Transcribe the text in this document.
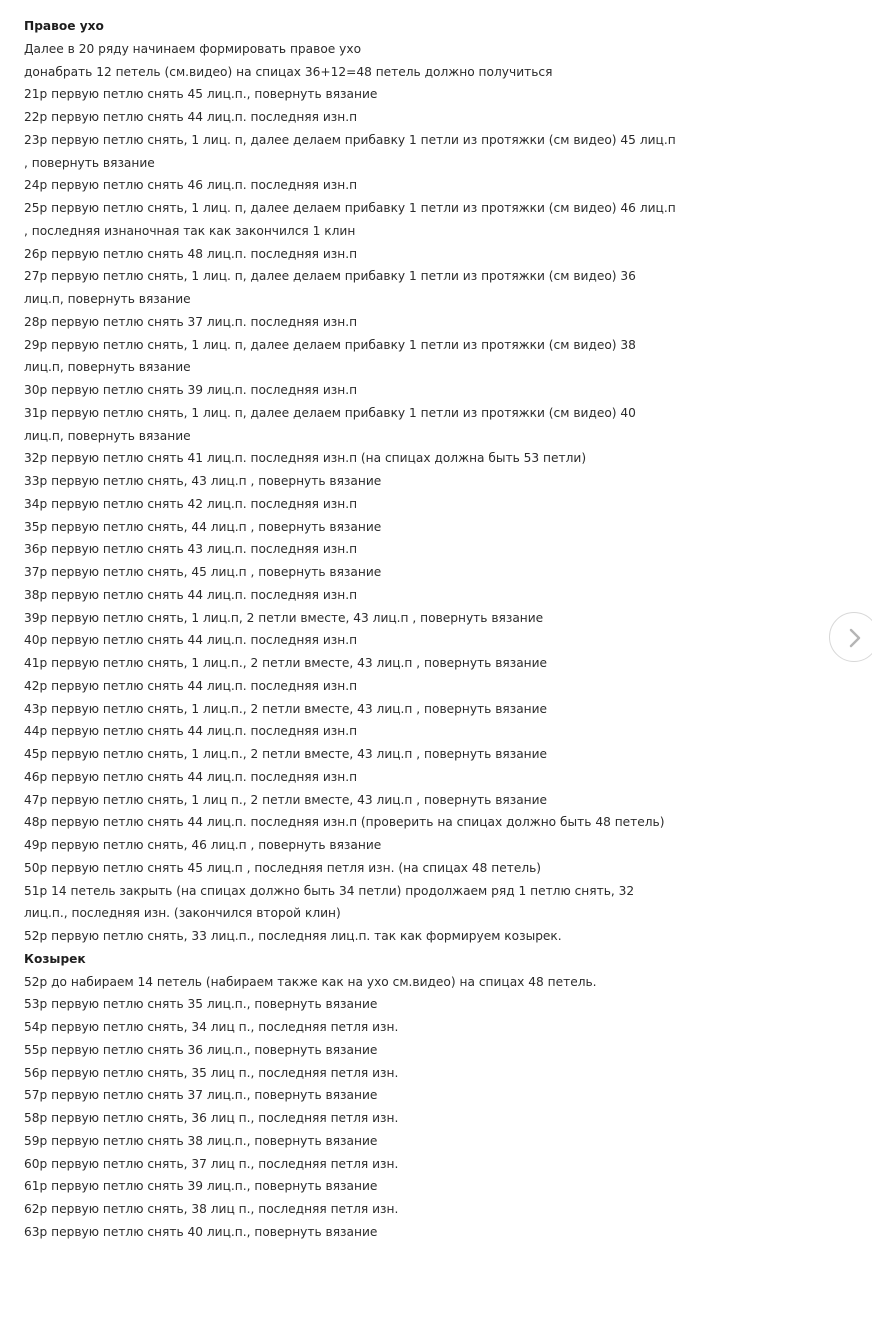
Правое ухо
Далее в 20 ряду начинаем формировать правое ухо
донабрать 12 петель (см.видео) на спицах 36+12=48 петель должно получиться
21р первую петлю снять 45 лиц.п., повернуть вязание
22р первую петлю снять 44 лиц.п. последняя изн.п
23р первую петлю снять, 1 лиц. п, далее делаем прибавку 1 петли из протяжки (см видео) 45 лиц.п
, повернуть вязание
24р первую петлю снять 46 лиц.п. последняя изн.п
25р первую петлю снять, 1 лиц. п, далее делаем прибавку 1 петли из протяжки (см видео) 46 лиц.п
, последняя изнаночная так как закончился 1 клин
26р первую петлю снять 48 лиц.п. последняя изн.п
27р первую петлю снять, 1 лиц. п, далее делаем прибавку 1 петли из протяжки (см видео) 36
лиц.п, повернуть вязание
28р первую петлю снять 37 лиц.п. последняя изн.п
29р первую петлю снять, 1 лиц. п, далее делаем прибавку 1 петли из протяжки (см видео) 38
лиц.п, повернуть вязание
30р первую петлю снять 39 лиц.п. последняя изн.п
31р первую петлю снять, 1 лиц. п, далее делаем прибавку 1 петли из протяжки (см видео) 40
лиц.п, повернуть вязание
32р первую петлю снять 41 лиц.п. последняя изн.п (на спицах должна быть 53 петли)
33р первую петлю снять, 43 лиц.п , повернуть вязание
34р первую петлю снять 42 лиц.п. последняя изн.п
35р первую петлю снять, 44 лиц.п , повернуть вязание
36р первую петлю снять 43 лиц.п. последняя изн.п
37р первую петлю снять, 45 лиц.п , повернуть вязание
38р первую петлю снять 44 лиц.п. последняя изн.п
39р первую петлю снять, 1 лиц.п, 2 петли вместе, 43 лиц.п , повернуть вязание
40р первую петлю снять 44 лиц.п. последняя изн.п
41р первую петлю снять, 1 лиц.п., 2 петли вместе, 43 лиц.п , повернуть вязание
42р первую петлю снять 44 лиц.п. последняя изн.п
43р первую петлю снять, 1 лиц.п., 2 петли вместе, 43 лиц.п , повернуть вязание
44р первую петлю снять 44 лиц.п. последняя изн.п
45р первую петлю снять, 1 лиц.п., 2 петли вместе, 43 лиц.п , повернуть вязание
46р первую петлю снять 44 лиц.п. последняя изн.п
47р первую петлю снять, 1 лиц п., 2 петли вместе, 43 лиц.п , повернуть вязание
48р первую петлю снять 44 лиц.п. последняя изн.п (проверить на спицах должно быть 48 петель)
49р первую петлю снять, 46 лиц.п , повернуть вязание
50р первую петлю снять 45 лиц.п , последняя петля изн. (на спицах 48 петель)
51р 14 петель закрыть (на спицах должно быть 34 петли) продолжаем ряд 1 петлю снять, 32
лиц.п., последняя изн. (закончился второй клин)
52р первую петлю снять, 33 лиц.п., последняя лиц.п. так как формируем козырек.
Козырек
52р до набираем 14 петель (набираем также как на ухо см.видео) на спицах 48 петель.
53р первую петлю снять 35 лиц.п., повернуть вязание
54р первую петлю снять, 34 лиц п., последняя петля изн.
55р первую петлю снять 36 лиц.п., повернуть вязание
56р первую петлю снять, 35 лиц п., последняя петля изн.
57р первую петлю снять 37 лиц.п., повернуть вязание
58р первую петлю снять, 36 лиц п., последняя петля изн.
59р первую петлю снять 38 лиц.п., повернуть вязание
60р первую петлю снять, 37 лиц п., последняя петля изн.
61р первую петлю снять 39 лиц.п., повернуть вязание
62р первую петлю снять, 38 лиц п., последняя петля изн.
63р первую петлю снять 40 лиц.п., повернуть вязание
